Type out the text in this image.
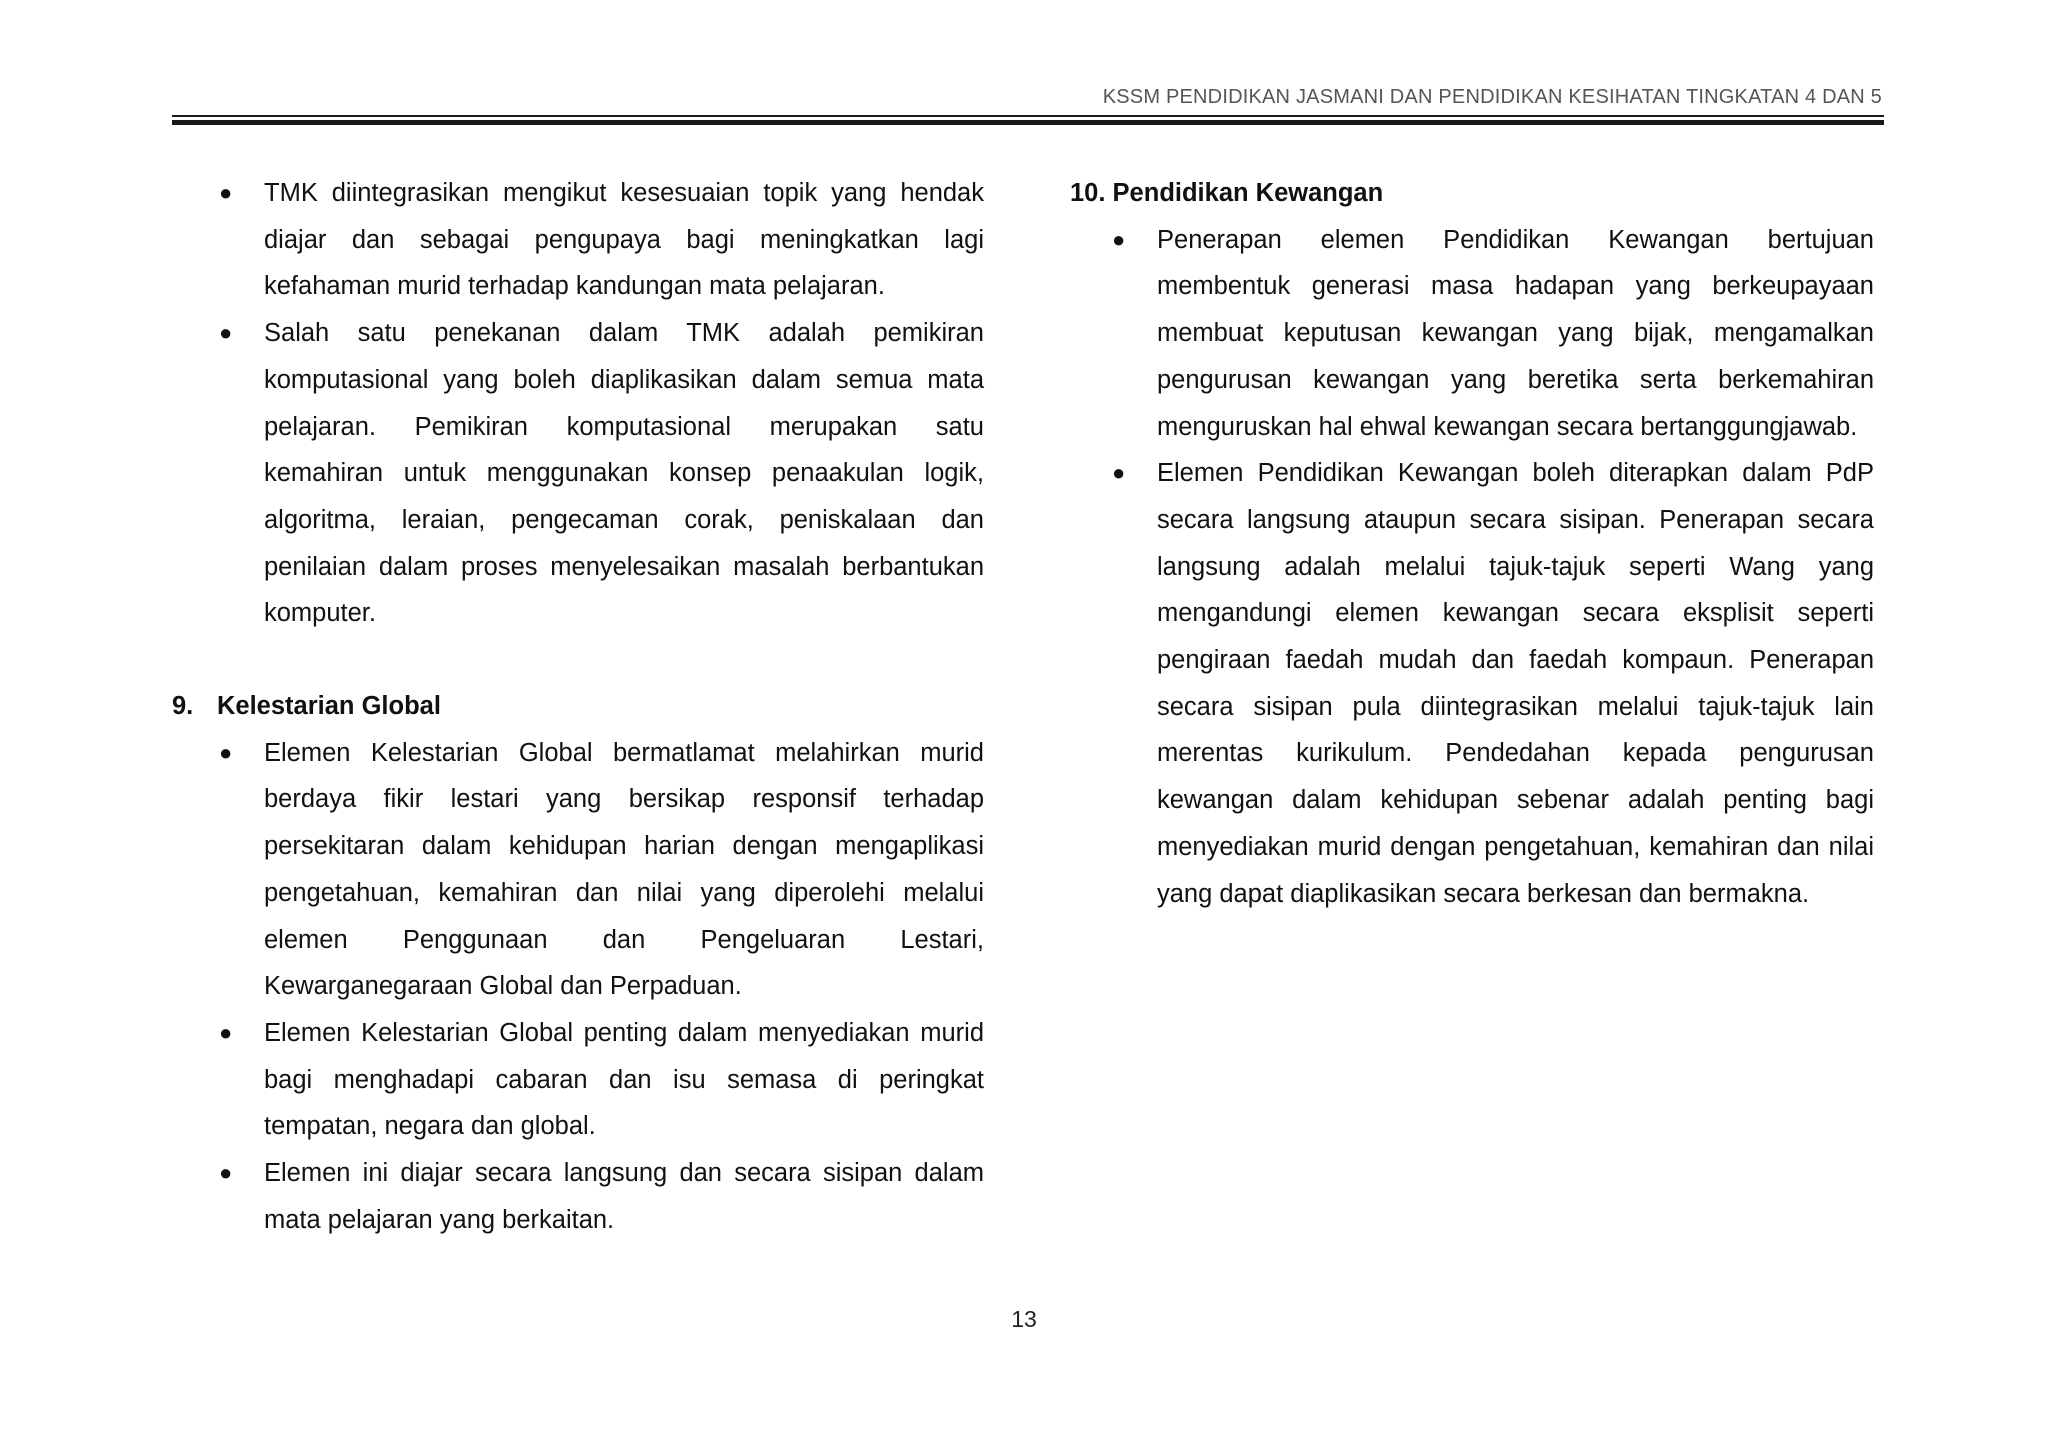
KSSM PENDIDIKAN JASMANI DAN PENDIDIKAN KESIHATAN TINGKATAN 4 DAN 5
● TMK diintegrasikan mengikut kesesuaian topik yang hendak diajar dan sebagai pengupaya bagi meningkatkan lagi kefahaman murid terhadap kandungan mata pelajaran.
● Salah satu penekanan dalam TMK adalah pemikiran komputasional yang boleh diaplikasikan dalam semua mata pelajaran. Pemikiran komputasional merupakan satu kemahiran untuk menggunakan konsep penaakulan logik, algoritma, leraian, pengecaman corak, peniskalaan dan penilaian dalam proses menyelesaikan masalah berbantukan komputer.
9. Kelestarian Global
● Elemen Kelestarian Global bermatlamat melahirkan murid berdaya fikir lestari yang bersikap responsif terhadap persekitaran dalam kehidupan harian dengan mengaplikasi pengetahuan, kemahiran dan nilai yang diperolehi melalui elemen Penggunaan dan Pengeluaran Lestari, Kewarganegaraan Global dan Perpaduan.
● Elemen Kelestarian Global penting dalam menyediakan murid bagi menghadapi cabaran dan isu semasa di peringkat tempatan, negara dan global.
● Elemen ini diajar secara langsung dan secara sisipan dalam mata pelajaran yang berkaitan.
10. Pendidikan Kewangan
● Penerapan elemen Pendidikan Kewangan bertujuan membentuk generasi masa hadapan yang berkeupayaan membuat keputusan kewangan yang bijak, mengamalkan pengurusan kewangan yang beretika serta berkemahiran menguruskan hal ehwal kewangan secara bertanggungjawab.
● Elemen Pendidikan Kewangan boleh diterapkan dalam PdP secara langsung ataupun secara sisipan. Penerapan secara langsung adalah melalui tajuk-tajuk seperti Wang yang mengandungi elemen kewangan secara eksplisit seperti pengiraan faedah mudah dan faedah kompaun. Penerapan secara sisipan pula diintegrasikan melalui tajuk-tajuk lain merentas kurikulum. Pendedahan kepada pengurusan kewangan dalam kehidupan sebenar adalah penting bagi menyediakan murid dengan pengetahuan, kemahiran dan nilai yang dapat diaplikasikan secara berkesan dan bermakna.
13
